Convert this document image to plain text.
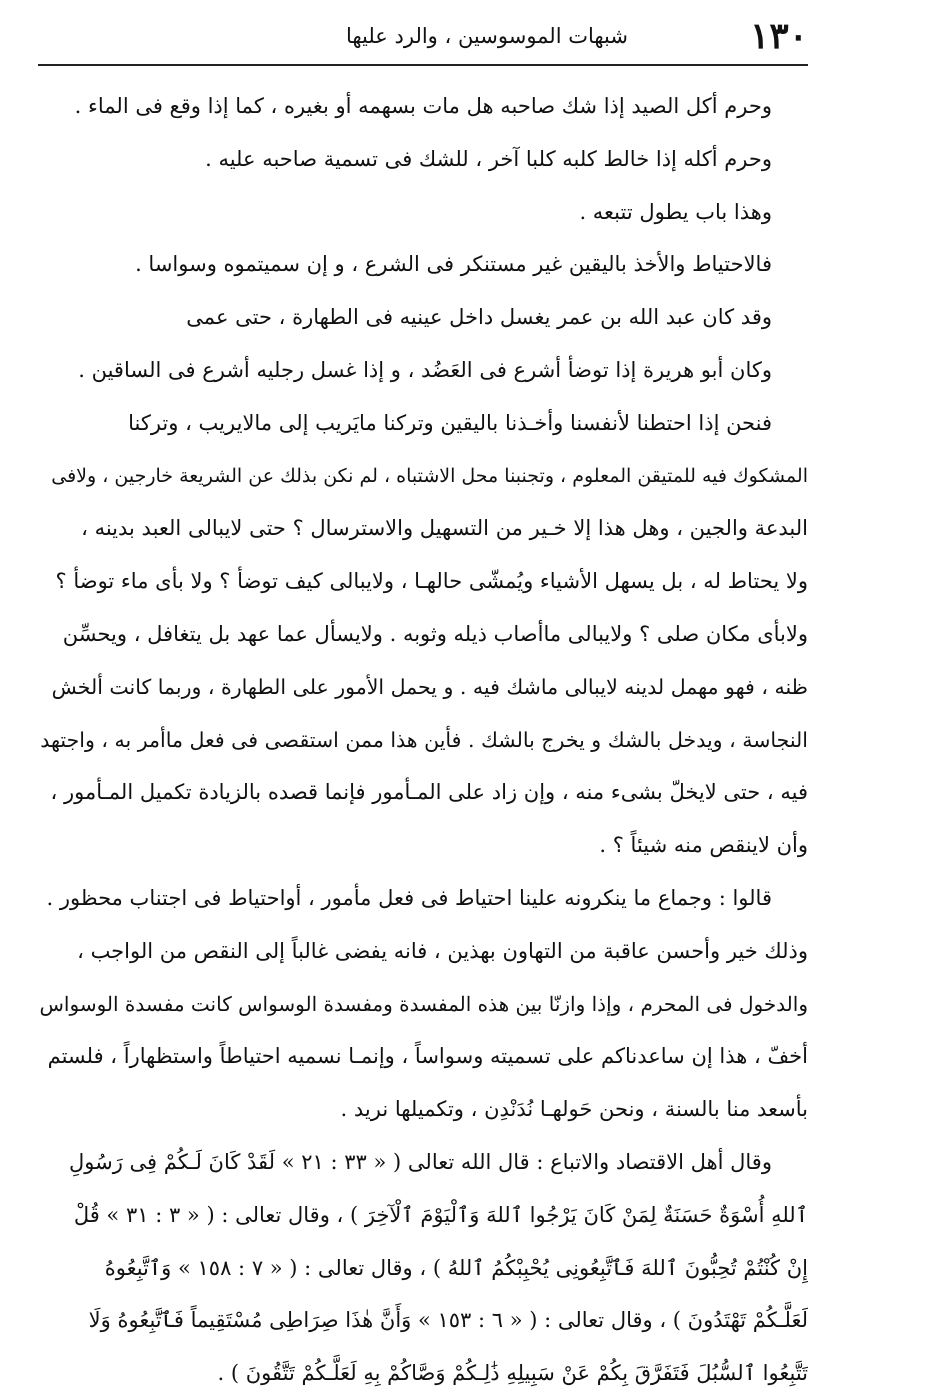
١٣٠
شبهات الموسوسين ، والرد عليها

وحرم أكل الصيد إذا شك صاحبه هل مات بسهمه أو بغيره ، كما إذا وقع فى الماء .

وحرم أكله إذا خالط كلبه كلبا آخر ، للشك فى تسمية صاحبه عليه .

وهذا باب يطول تتبعه .

فالاحتياط والأخذ باليقين غير مستنكر فى الشرع ، و إن سميتموه وسواسا .

وقد كان عبد الله بن عمر يغسل داخل عينيه فى الطهارة ، حتى عمى

وكان أبو هريرة إذا توضأ أشرع فى العَضُد ، و إذا غسل رجليه أشرع فى الساقين .

فنحن إذا احتطنا لأنفسنا وأخـذنا باليقين وتركنا مايَريب إلى مالايريب ، وتركنا

المشكوك فيه للمتيقن المعلوم ، وتجنبنا محل الاشتباه ، لم نكن بذلك عن الشريعة خارجين ، ولافى

البدعة والجين ، وهل هذا إلا خـير من التسهيل والاسترسال ؟ حتى لايبالى العبد بدينه ،

ولا يحتاط له ، بل يسهل الأشياء ويُمشّى حالهـا ، ولايبالى كيف توضأ ؟ ولا بأى ماء توضأ ؟

ولابأى مكان صلى ؟ ولايبالى ماأصاب ذيله وثوبه . ولايسأل عما عهد بل يتغافل ، ويحسِّن

ظنه ، فهو مهمل لدينه لايبالى ماشك فيه . و يحمل الأمور على الطهارة ، وربما كانت ألخش

النجاسة ، ويدخل بالشك و يخرج بالشك . فأين هذا ممن استقصى فى فعل ماأمر به ، واجتهد

فيه ، حتى لايخلّ بشىء منه ، وإن زاد على المـأمور فإنما قصده بالزيادة تكميل المـأمور ،

وأن لاينقص منه شيئاً ؟ .

قالوا : وجماع ما ينكرونه علينا احتياط فى فعل مأمور ، أواحتياط فى اجتناب محظور .

وذلك خير وأحسن عاقبة من التهاون بهذين ، فانه يفضى غالباً إلى النقص من الواجب ،

والدخول فى المحرم ، وإذا وازنّا بين هذه المفسدة ومفسدة الوسواس كانت مفسدة الوسواس

أخفّ ، هذا إن ساعدناكم على تسميته وسواساً ، وإنمـا نسميه احتياطاً واستظهاراً ، فلستم

بأسعد منا بالسنة ، ونحن حَولهـا نُدَنْدِن ، وتكميلها نريد .

وقال أهل الاقتصاد والاتباع : قال الله تعالى ( « ٣٣ : ٢١ » لَقَدْ كَانَ لَـكُمْ فِى رَسُولِ

ٱللهِ أُسْوَةٌ حَسَنَةٌ لِمَنْ كَانَ يَرْجُوا ٱللهَ وَٱلْيَوْمَ ٱلْآخِرَ ) ، وقال تعالى : ( « ٣ : ٣١ » قُلْ

إِنْ كُنْتُمْ تُحِبُّونَ ٱللهَ فَٱتَّبِعُونِى يُحْبِبْكُمُ ٱللهُ ) ، وقال تعالى : ( « ٧ : ١٥٨ » وَٱتَّبِعُوهُ

لَعَلَّـكُمْ تَهْتَدُونَ ) ، وقال تعالى : ( « ٦ : ١٥٣ » وَأَنَّ هٰذَا صِرَاطِى مُسْتَقِيماً فَٱتَّبِعُوهُ وَلَا

تَتَّبِعُوا ٱلسُّبُلَ فَتَفَرَّقَ بِكُمْ عَنْ سَبِيلِهِ ذَٰلِـكُمْ وَصَّاكُمْ بِهِ لَعَلَّـكُمْ تَتَّقُونَ ) .
